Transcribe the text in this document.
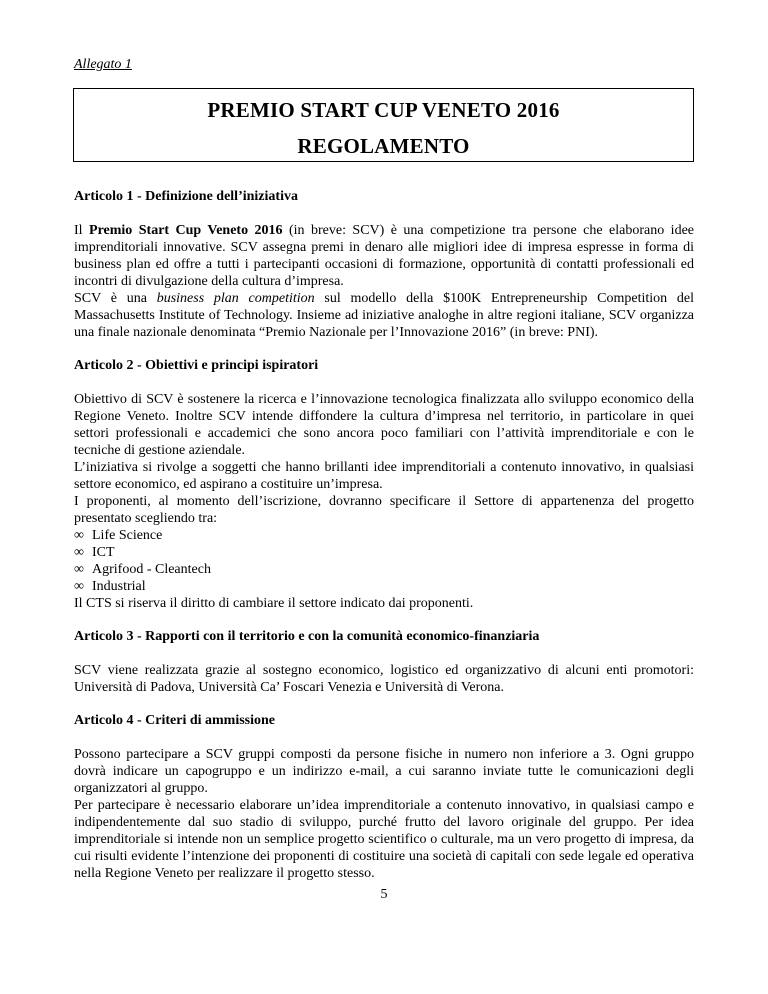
Allegato 1

PREMIO START CUP VENETO 2016
REGOLAMENTO

Articolo 1 - Definizione dell’iniziativa

Il Premio Start Cup Veneto 2016 (in breve: SCV) è una competizione tra persone che elaborano idee imprenditoriali innovative. SCV assegna premi in denaro alle migliori idee di impresa espresse in forma di business plan ed offre a tutti i partecipanti occasioni di formazione, opportunità di contatti professionali ed incontri di divulgazione della cultura d’impresa.

SCV è una business plan competition sul modello della $100K Entrepreneurship Competition del Massachusetts Institute of Technology. Insieme ad iniziative analoghe in altre regioni italiane, SCV organizza una finale nazionale denominata “Premio Nazionale per l’Innovazione 2016” (in breve: PNI).

Articolo 2 - Obiettivi e principi ispiratori

Obiettivo di SCV è sostenere la ricerca e l’innovazione tecnologica finalizzata allo sviluppo economico della Regione Veneto. Inoltre SCV intende diffondere la cultura d’impresa nel territorio, in particolare in quei settori professionali e accademici che sono ancora poco familiari con l’attività imprenditoriale e con le tecniche di gestione aziendale.

L’iniziativa si rivolge a soggetti che hanno brillanti idee imprenditoriali a contenuto innovativo, in qualsiasi settore economico, ed aspirano a costituire un’impresa.

I proponenti, al momento dell’iscrizione, dovranno specificare il Settore di appartenenza del progetto presentato scegliendo tra:

∞ Life Science
∞ ICT
∞ Agrifood - Cleantech
∞ Industrial

Il CTS si riserva il diritto di cambiare il settore indicato dai proponenti.

Articolo 3 - Rapporti con il territorio e con la comunità economico-finanziaria

SCV viene realizzata grazie al sostegno economico, logistico ed organizzativo di alcuni enti promotori: Università di Padova, Università Ca’ Foscari Venezia e Università di Verona.

Articolo 4 - Criteri di ammissione

Possono partecipare a SCV gruppi composti da persone fisiche in numero non inferiore a 3. Ogni gruppo dovrà indicare un capogruppo e un indirizzo e-mail, a cui saranno inviate tutte le comunicazioni degli organizzatori al gruppo.

Per partecipare è necessario elaborare un’idea imprenditoriale a contenuto innovativo, in qualsiasi campo e indipendentemente dal suo stadio di sviluppo, purché frutto del lavoro originale del gruppo. Per idea imprenditoriale si intende non un semplice progetto scientifico o culturale, ma un vero progetto di impresa, da cui risulti evidente l’intenzione dei proponenti di costituire una società di capitali con sede legale ed operativa nella Regione Veneto per realizzare il progetto stesso.

5
